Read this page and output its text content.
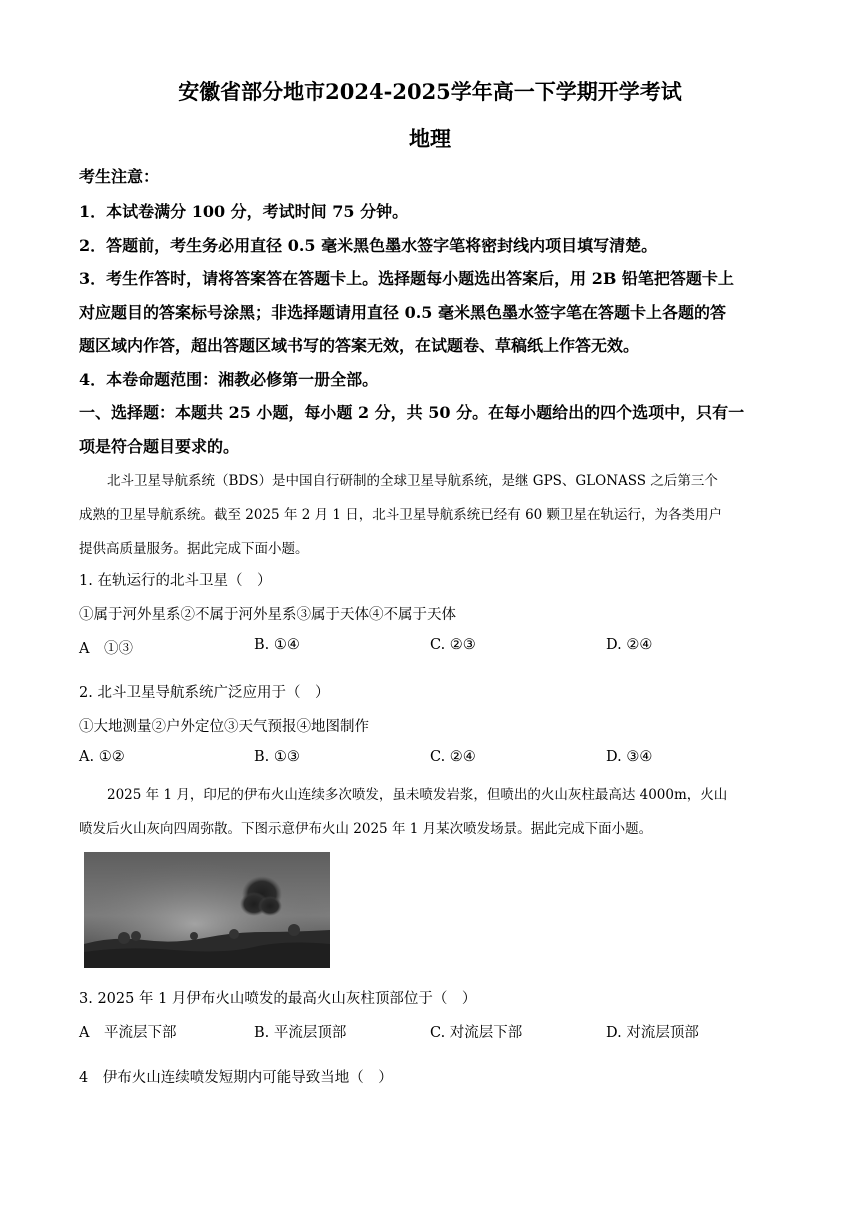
安徽省部分地市2024-2025学年高一下学期开学考试
地理
考生注意：
1．本试卷满分 100 分，考试时间 75 分钟。
2．答题前，考生务必用直径 0.5 毫米黑色墨水签字笔将密封线内项目填写清楚。
3．考生作答时，请将答案答在答题卡上。选择题每小题选出答案后，用 2B 铅笔把答题卡上
对应题目的答案标号涂黑；非选择题请用直径 0.5 毫米黑色墨水签字笔在答题卡上各题的答
题区域内作答，超出答题区域书写的答案无效，在试题卷、草稿纸上作答无效。
4．本卷命题范围：湘教必修第一册全部。
一、选择题：本题共 25 小题，每小题 2 分，共 50 分。在每小题给出的四个选项中，只有一
项是符合题目要求的。
北斗卫星导航系统（BDS）是中国自行研制的全球卫星导航系统，是继 GPS、GLONASS 之后第三个
成熟的卫星导航系统。截至 2025 年 2 月 1 日，北斗卫星导航系统已经有 60 颗卫星在轨运行，为各类用户
提供高质量服务。据此完成下面小题。
1. 在轨运行的北斗卫星（　）
①属于河外星系②不属于河外星系③属于天体④不属于天体
A　①③	B. ①④	C. ②③	D. ②④
2. 北斗卫星导航系统广泛应用于（　）
①大地测量②户外定位③天气预报④地图制作
A. ①②	B. ①③	C. ②④	D. ③④
2025 年 1 月，印尼的伊布火山连续多次喷发，虽未喷发岩浆，但喷出的火山灰柱最高达 4000m，火山
喷发后火山灰向四周弥散。下图示意伊布火山 2025 年 1 月某次喷发场景。据此完成下面小题。
3. 2025 年 1 月伊布火山喷发的最高火山灰柱顶部位于（　）
A　平流层下部	B. 平流层顶部	C. 对流层下部	D. 对流层顶部
4　伊布火山连续喷发短期内可能导致当地（　）
